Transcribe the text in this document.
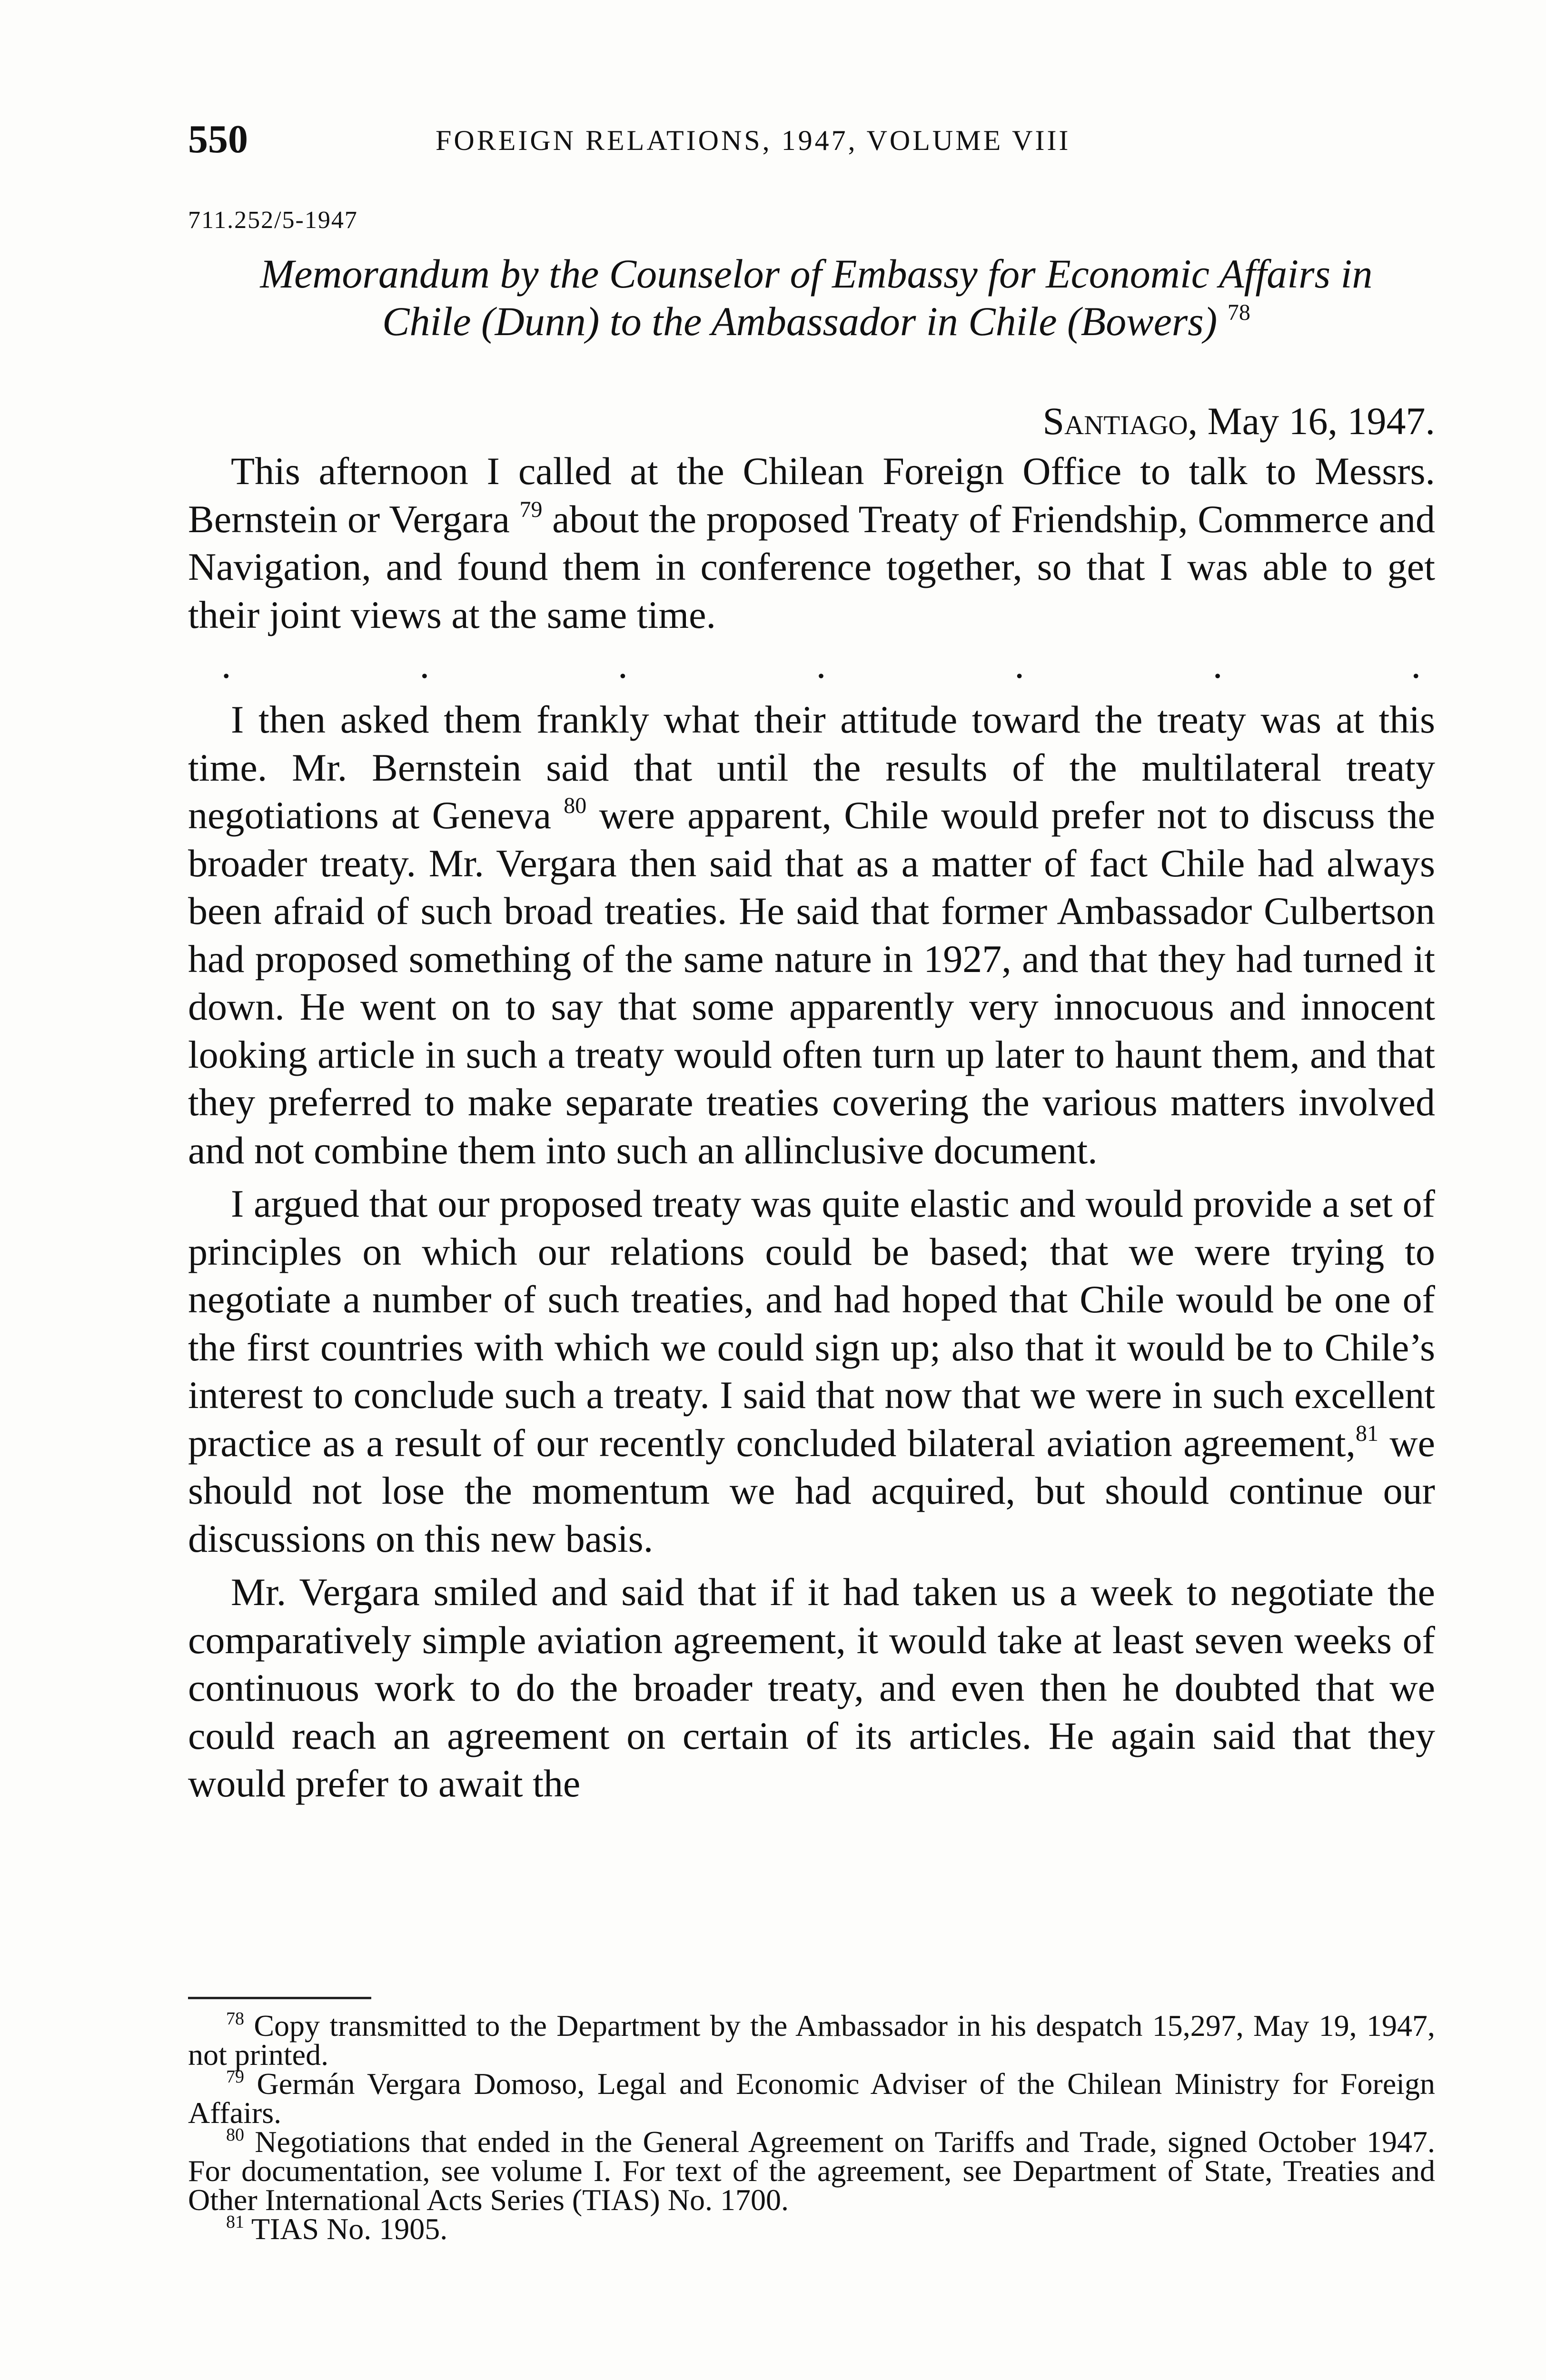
550	FOREIGN RELATIONS, 1947, VOLUME VIII
711.252/5-1947
Memorandum by the Counselor of Embassy for Economic Affairs in
Chile (Dunn) to the Ambassador in Chile (Bowers) $^{78}$
Santiago, May 16, 1947.

This afternoon I called at the Chilean Foreign Office to talk to Messrs. Bernstein or Vergara $^{79}$ about the proposed Treaty of Friendship, Commerce and Navigation, and found them in conference together, so that I was able to get their joint views at the same time.

.	.	.	.	.	.	.

I then asked them frankly what their attitude toward the treaty was at this time. Mr. Bernstein said that until the results of the multilateral treaty negotiations at Geneva $^{80}$ were apparent, Chile would prefer not to discuss the broader treaty. Mr. Vergara then said that as a matter of fact Chile had always been afraid of such broad treaties. He said that former Ambassador Culbertson had proposed something of the same nature in 1927, and that they had turned it down. He went on to say that some apparently very innocuous and innocent looking article in such a treaty would often turn up later to haunt them, and that they preferred to make separate treaties covering the various matters involved and not combine them into such an allinclusive document.

I argued that our proposed treaty was quite elastic and would provide a set of principles on which our relations could be based; that we were trying to negotiate a number of such treaties, and had hoped that Chile would be one of the first countries with which we could sign up; also that it would be to Chile’s interest to conclude such a treaty. I said that now that we were in such excellent practice as a result of our recently concluded bilateral aviation agreement,$^{81}$ we should not lose the momentum we had acquired, but should continue our discussions on this new basis.

Mr. Vergara smiled and said that if it had taken us a week to negotiate the comparatively simple aviation agreement, it would take at least seven weeks of continuous work to do the broader treaty, and even then he doubted that we could reach an agreement on certain of its articles. He again said that they would prefer to await the

$^{78}$ Copy transmitted to the Department by the Ambassador in his despatch 15,297, May 19, 1947, not printed.

$^{79}$ Germán Vergara Domoso, Legal and Economic Adviser of the Chilean Ministry for Foreign Affairs.

$^{80}$ Negotiations that ended in the General Agreement on Tariffs and Trade, signed October 1947. For documentation, see volume I. For text of the agreement, see Department of State, Treaties and Other International Acts Series (TIAS) No. 1700.

$^{81}$ TIAS No. 1905.
